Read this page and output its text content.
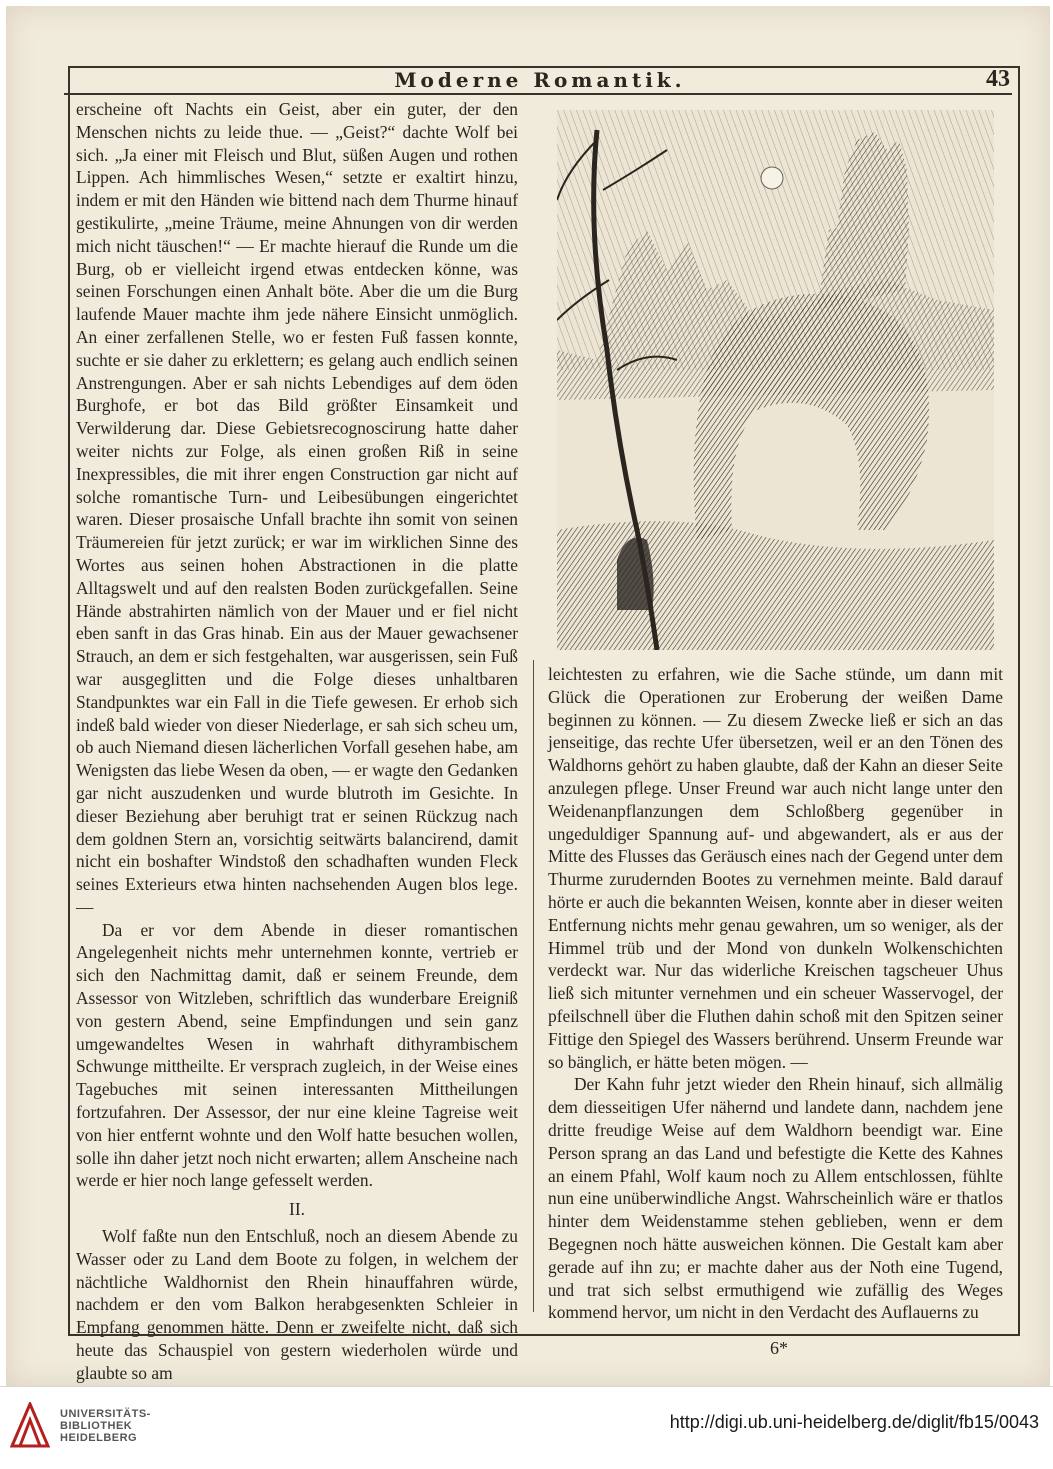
Moderne Romantik.	43

erscheine oft Nachts ein Geist, aber ein guter, der den Menschen nichts zu leide thue. — „Geist?“ dachte Wolf bei sich. „Ja einer mit Fleisch und Blut, süßen Augen und rothen Lippen. Ach himmlisches Wesen,“ setzte er exaltirt hinzu, indem er mit den Händen wie bittend nach dem Thurme hinauf gestikulirte, „meine Träume, meine Ahnungen von dir werden mich nicht täuschen!“ — Er machte hierauf die Runde um die Burg, ob er vielleicht irgend etwas entdecken könne, was seinen Forschungen einen Anhalt böte. Aber die um die Burg laufende Mauer machte ihm jede nähere Einsicht unmöglich. An einer zerfallenen Stelle, wo er festen Fuß fassen konnte, suchte er sie daher zu erklettern; es gelang auch endlich seinen Anstrengungen. Aber er sah nichts Lebendiges auf dem öden Burghofe, er bot das Bild größter Einsamkeit und Verwilderung dar. Diese Gebietsrecognoscirung hatte daher weiter nichts zur Folge, als einen großen Riß in seine Inexpressibles, die mit ihrer engen Construction gar nicht auf solche romantische Turn- und Leibesübungen eingerichtet waren. Dieser prosaische Unfall brachte ihn somit von seinen Träumereien für jetzt zurück; er war im wirklichen Sinne des Wortes aus seinen hohen Abstractionen in die platte Alltagswelt und auf den realsten Boden zurückgefallen. Seine Hände abstrahirten nämlich von der Mauer und er fiel nicht eben sanft in das Gras hinab. Ein aus der Mauer gewachsener Strauch, an dem er sich festgehalten, war ausgerissen, sein Fuß war ausgeglitten und die Folge dieses unhaltbaren Standpunktes war ein Fall in die Tiefe gewesen. Er erhob sich indeß bald wieder von dieser Niederlage, er sah sich scheu um, ob auch Niemand diesen lächerlichen Vorfall gesehen habe, am Wenigsten das liebe Wesen da oben, — er wagte den Gedanken gar nicht auszudenken und wurde blutroth im Gesichte. In dieser Beziehung aber beruhigt trat er seinen Rückzug nach dem goldnen Stern an, vorsichtig seitwärts balancirend, damit nicht ein boshafter Windstoß den schadhaften wunden Fleck seines Exterieurs etwa hinten nachsehenden Augen blos lege. —

Da er vor dem Abende in dieser romantischen Angelegenheit nichts mehr unternehmen konnte, vertrieb er sich den Nachmittag damit, daß er seinem Freunde, dem Assessor von Witzleben, schriftlich das wunderbare Ereigniß von gestern Abend, seine Empfindungen und sein ganz umgewandeltes Wesen in wahrhaft dithyrambischem Schwunge mittheilte. Er versprach zugleich, in der Weise eines Tagebuches mit seinen interessanten Mittheilungen fortzufahren. Der Assessor, der nur eine kleine Tagreise weit von hier entfernt wohnte und den Wolf hatte besuchen wollen, solle ihn daher jetzt noch nicht erwarten; allem Anscheine nach werde er hier noch lange gefesselt werden.

II.

Wolf faßte nun den Entschluß, noch an diesem Abende zu Wasser oder zu Land dem Boote zu folgen, in welchem der nächtliche Waldhornist den Rhein hinauffahren würde, nachdem er den vom Balkon herabgesenkten Schleier in Empfang genommen hätte. Denn er zweifelte nicht, daß sich heute das Schauspiel von gestern wiederholen würde und glaubte so am

leichtesten zu erfahren, wie die Sache stünde, um dann mit Glück die Operationen zur Eroberung der weißen Dame beginnen zu können. — Zu diesem Zwecke ließ er sich an das jenseitige, das rechte Ufer übersetzen, weil er an den Tönen des Waldhorns gehört zu haben glaubte, daß der Kahn an dieser Seite anzulegen pflege. Unser Freund war auch nicht lange unter den Weidenanpflanzungen dem Schloßberg gegenüber in ungeduldiger Spannung auf- und abgewandert, als er aus der Mitte des Flusses das Geräusch eines nach der Gegend unter dem Thurme zurudernden Bootes zu vernehmen meinte. Bald darauf hörte er auch die bekannten Weisen, konnte aber in dieser weiten Entfernung nichts mehr genau gewahren, um so weniger, als der Himmel trüb und der Mond von dunkeln Wolkenschichten verdeckt war. Nur das widerliche Kreischen tagscheuer Uhus ließ sich mitunter vernehmen und ein scheuer Wasservogel, der pfeilschnell über die Fluthen dahin schoß mit den Spitzen seiner Fittige den Spiegel des Wassers berührend. Unserm Freunde war so bänglich, er hätte beten mögen. —

Der Kahn fuhr jetzt wieder den Rhein hinauf, sich allmälig dem diesseitigen Ufer nähernd und landete dann, nachdem jene dritte freudige Weise auf dem Waldhorn beendigt war. Eine Person sprang an das Land und befestigte die Kette des Kahnes an einem Pfahl, Wolf kaum noch zu Allem entschlossen, fühlte nun eine unüberwindliche Angst. Wahrscheinlich wäre er thatlos hinter dem Weidenstamme stehen geblieben, wenn er dem Begegnen noch hätte ausweichen können. Die Gestalt kam aber gerade auf ihn zu; er machte daher aus der Noth eine Tugend, und trat sich selbst ermuthigend wie zufällig des Weges kommend hervor, um nicht in den Verdacht des Auflauerns zu

6*
UNIVERSITÄTS-
BIBLIOTHEK
HEIDELBERG
http://digi.ub.uni-heidelberg.de/diglit/fb15/0043
